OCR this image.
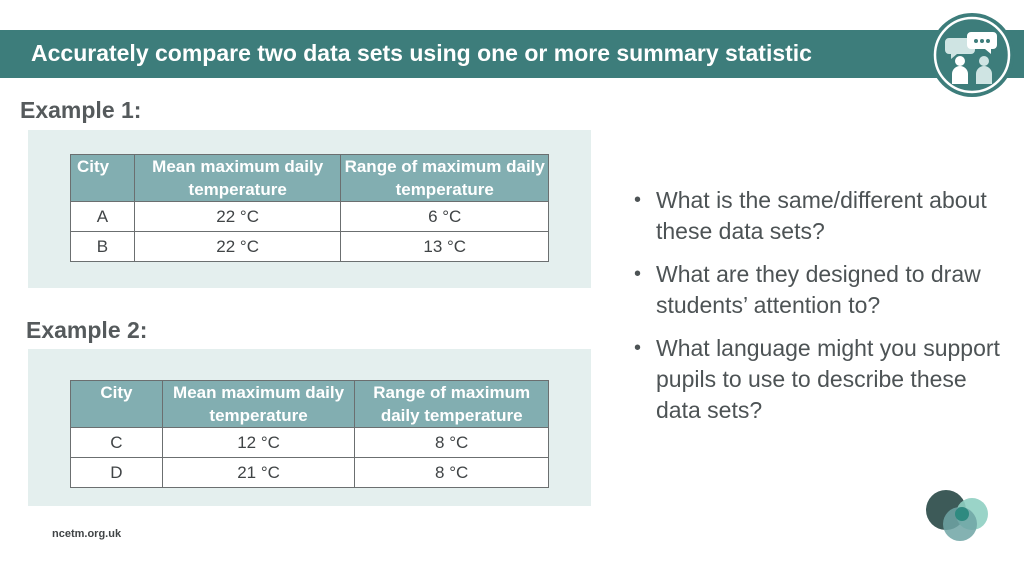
Accurately compare two data sets using one or more summary statistic
Example 1:
City	Mean maximum daily temperature	Range of maximum daily temperature
A	22 °C	6 °C
B	22 °C	13 °C
Example 2:
City	Mean maximum daily temperature	Range of maximum daily temperature
C	12 °C	8 °C
D	21 °C	8 °C
• What is the same/different about these data sets?
• What are they designed to draw students’ attention to?
• What language might you support pupils to use to describe these data sets?
ncetm.org.uk
